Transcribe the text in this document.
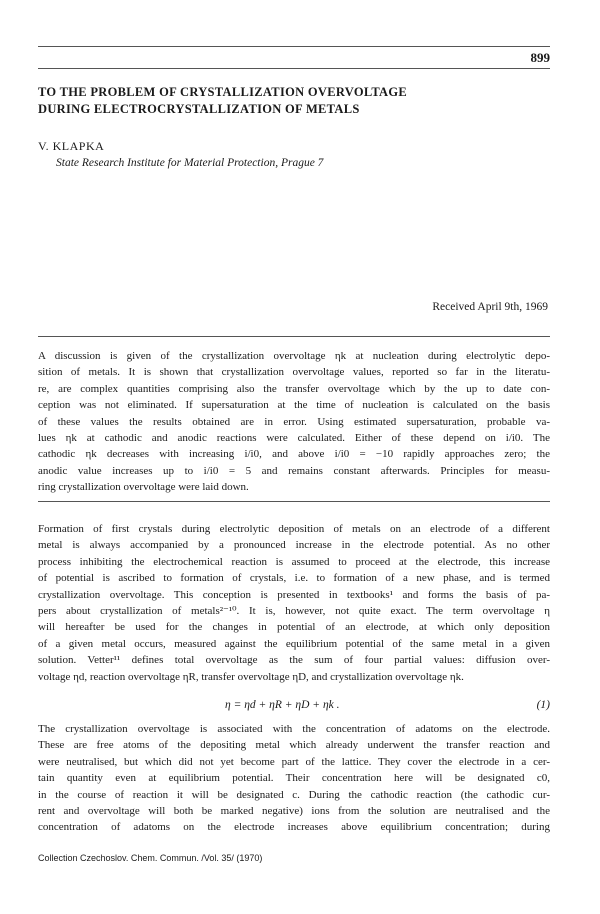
899
TO THE PROBLEM OF CRYSTALLIZATION OVERVOLTAGE
DURING ELECTROCRYSTALLIZATION OF METALS
V. KLAPKA
State Research Institute for Material Protection, Prague 7
Received April 9th, 1969
A discussion is given of the crystallization overvoltage ηk at nucleation during electrolytic depo-
sition of metals. It is shown that crystallization overvoltage values, reported so far in the literatu-
re, are complex quantities comprising also the transfer overvoltage which by the up to date con-
ception was not eliminated. If supersaturation at the time of nucleation is calculated on the basis
of these values the results obtained are in error. Using estimated supersaturation, probable va-
lues ηk at cathodic and anodic reactions were calculated. Either of these depend on i/i0. The
cathodic ηk decreases with increasing i/i0, and above i/i0 = −10 rapidly approaches zero; the
anodic value increases up to i/i0 = 5 and remains constant afterwards. Principles for measu-
ring crystallization overvoltage were laid down.
Formation of first crystals during electrolytic deposition of metals on an electrode of a different
metal is always accompanied by a pronounced increase in the electrode potential. As no other
process inhibiting the electrochemical reaction is assumed to proceed at the electrode, this increase
of potential is ascribed to formation of crystals, i.e. to formation of a new phase, and is termed
crystallization overvoltage. This conception is presented in textbooks¹ and forms the basis of pa-
pers about crystallization of metals²⁻¹⁰. It is, however, not quite exact. The term overvoltage η
will hereafter be used for the changes in potential of an electrode, at which only deposition
of a given metal occurs, measured against the equilibrium potential of the same metal in a given
solution. Vetter¹¹ defines total overvoltage as the sum of four partial values: diffusion over-
voltage ηd, reaction overvoltage ηR, transfer overvoltage ηD, and crystallization overvoltage ηk.
η = ηd + ηR + ηD + ηk .	(1)
The crystallization overvoltage is associated with the concentration of adatoms on the electrode.
These are free atoms of the depositing metal which already underwent the transfer reaction and
were neutralised, but which did not yet become part of the lattice. They cover the electrode in a cer-
tain quantity even at equilibrium potential. Their concentration here will be designated c0,
in the course of reaction it will be designated c. During the cathodic reaction (the cathodic cur-
rent and overvoltage will both be marked negative) ions from the solution are neutralised and the
concentration of adatoms on the electrode increases above equilibrium concentration; during
Collection Czechoslov. Chem. Commun. /Vol. 35/ (1970)
